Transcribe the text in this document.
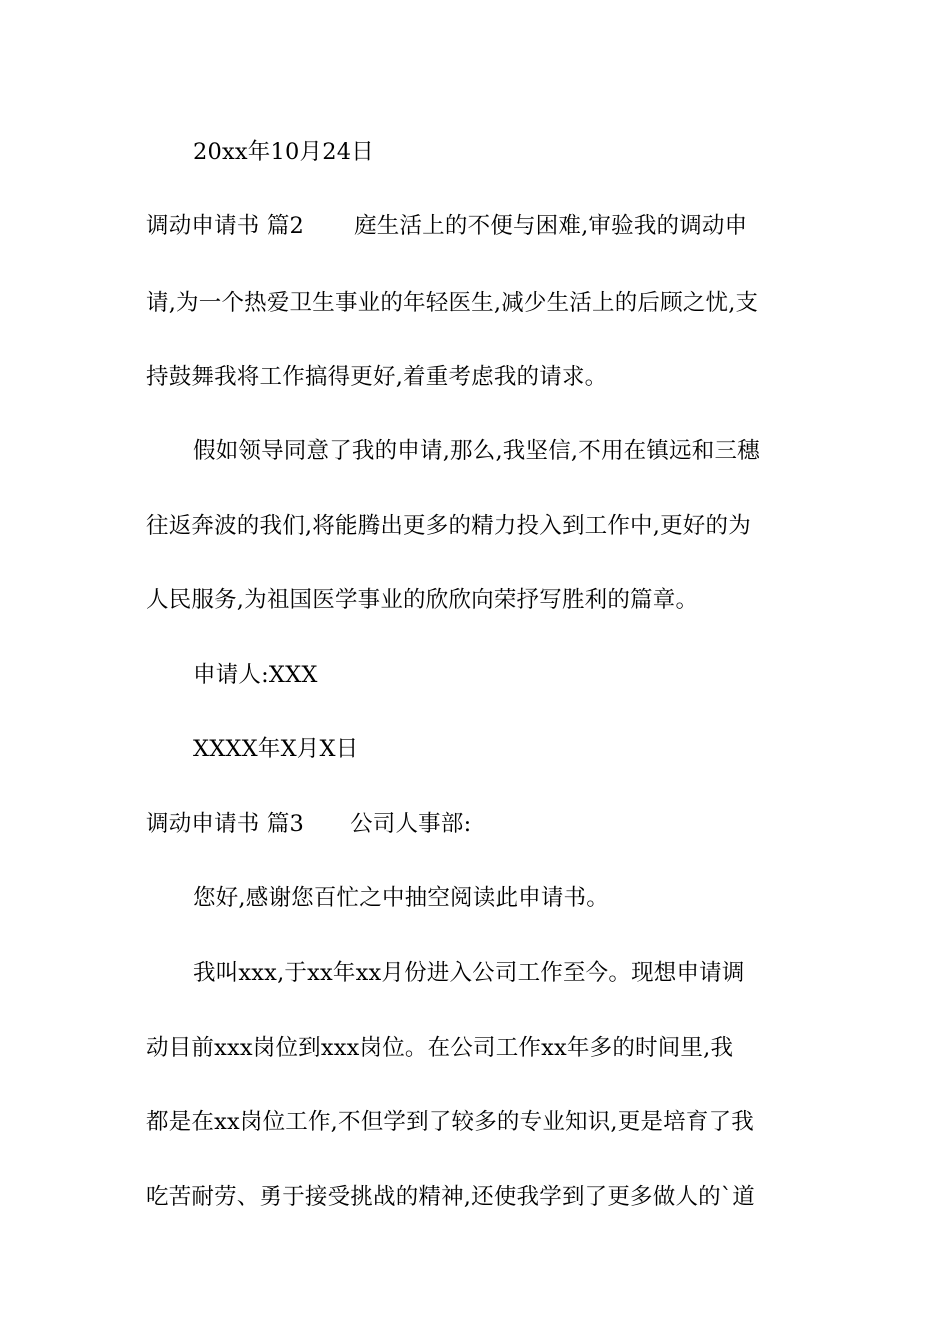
20xx年10月24日
调动申请书 篇2 庭生活上的不便与困难,审验我的调动申
请,为一个热爱卫生事业的年轻医生,减少生活上的后顾之忧,支
持鼓舞我将工作搞得更好,着重考虑我的请求。
假如领导同意了我的申请,那么,我坚信,不用在镇远和三穗
往返奔波的我们,将能腾出更多的精力投入到工作中,更好的为
人民服务,为祖国医学事业的欣欣向荣抒写胜利的篇章。
申请人:XXX
XXXX年X月X日
调动申请书 篇3 公司人事部:
您好,感谢您百忙之中抽空阅读此申请书。
我叫xxx,于xx年xx月份进入公司工作至今。现想申请调
动目前xxx岗位到xxx岗位。在公司工作xx年多的时间里,我
都是在xx岗位工作,不但学到了较多的专业知识,更是培育了我
吃苦耐劳、勇于接受挑战的精神,还使我学到了更多做人的`道
